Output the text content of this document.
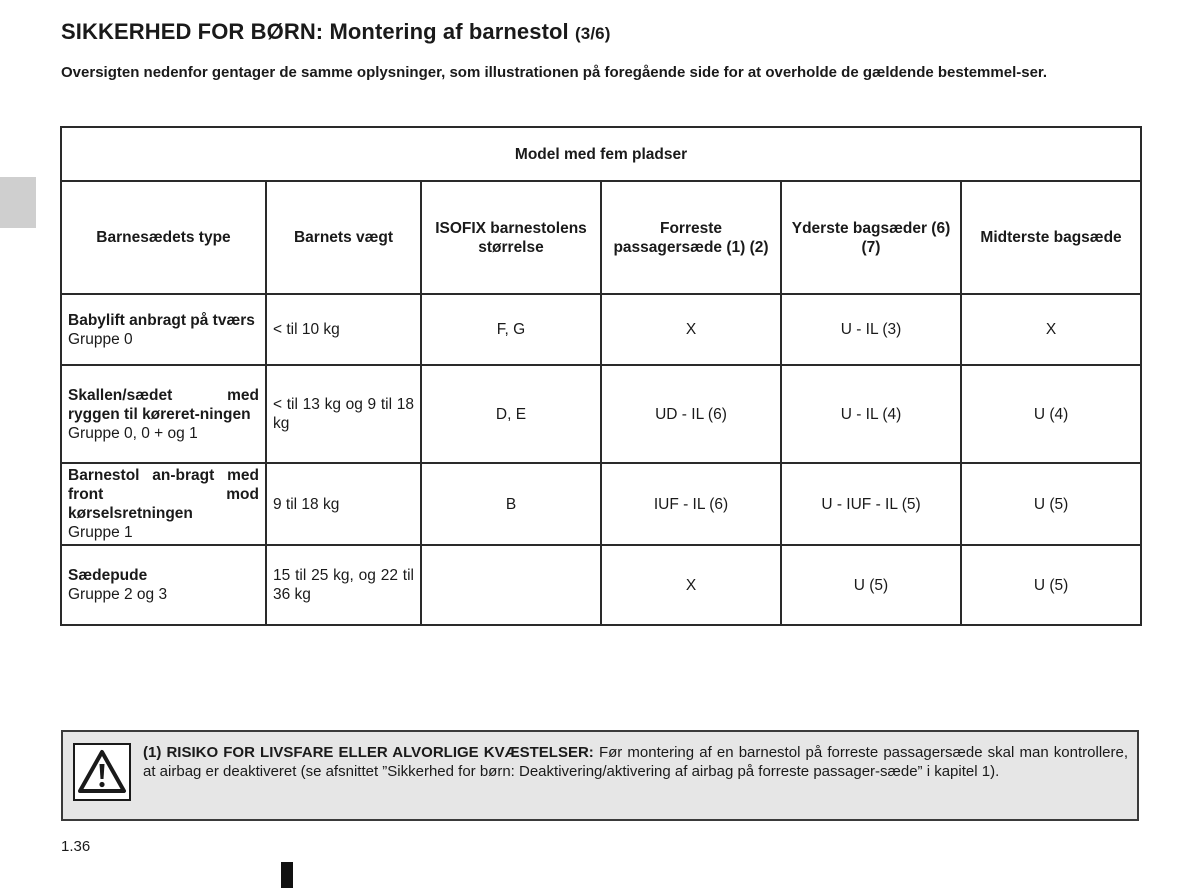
SIKKERHED FOR BØRN: Montering af barnestol (3/6)

Oversigten nedenfor gentager de samme oplysninger, som illustrationen på foregående side for at overholde de gældende bestemmel-ser.

Model med fem pladser					
Barnesædets type	Barnets vægt	ISOFIX barnestolens størrelse	Forreste passagersæde (1) (2)	Yderste bagsæder (6) (7)	Midterste bagsæde

Babylift anbragt på tværs
Gruppe 0	< til 10 kg	F, G	X	U - IL (3)	X

Skallen/sædet med ryggen til køreret-ningen
Gruppe 0, 0 + og 1	< til 13 kg og 9 til 18 kg	D, E	UD - IL (6)	U - IL (4)	U (4)

Barnestol an-bragt med front mod kørselsretningen
Gruppe 1	9 til 18 kg	B	IUF - IL (6)	U - IUF - IL (5)	U (5)

Sædepude
Gruppe 2 og 3	15 til 25 kg, og 22 til 36 kg		X	U (5)	U (5)

(1) RISIKO FOR LIVSFARE ELLER ALVORLIGE KVÆSTELSER: Før montering af en barnestol på forreste passagersæde skal man kontrollere, at airbag er deaktiveret (se afsnittet ”Sikkerhed for børn: Deaktivering/aktivering af airbag på forreste passager-sæde” i kapitel 1).

1.36
